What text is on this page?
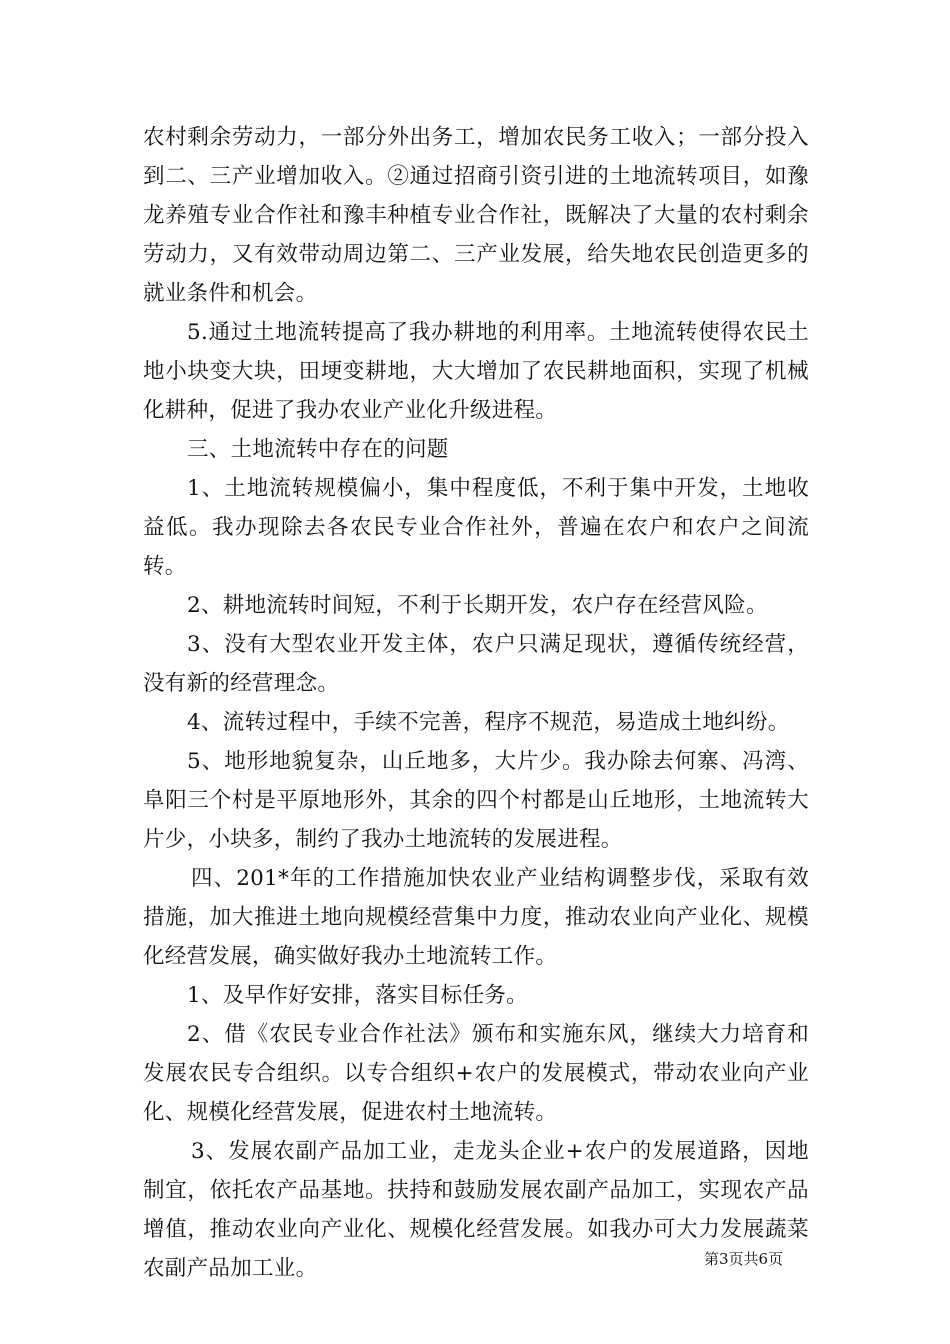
农村剩余劳动力，一部分外出务工，增加农民务工收入；一部分投入到二、三产业增加收入。②通过招商引资引进的土地流转项目，如豫龙养殖专业合作社和豫丰种植专业合作社，既解决了大量的农村剩余劳动力，又有效带动周边第二、三产业发展，给失地农民创造更多的就业条件和机会。

5.通过土地流转提高了我办耕地的利用率。土地流转使得农民土地小块变大块，田埂变耕地，大大增加了农民耕地面积，实现了机械化耕种，促进了我办农业产业化升级进程。

三、土地流转中存在的问题

1、土地流转规模偏小，集中程度低，不利于集中开发，土地收益低。我办现除去各农民专业合作社外，普遍在农户和农户之间流转。

2、耕地流转时间短，不利于长期开发，农户存在经营风险。

3、没有大型农业开发主体，农户只满足现状，遵循传统经营，没有新的经营理念。

4、流转过程中，手续不完善，程序不规范，易造成土地纠纷。

5、地形地貌复杂，山丘地多，大片少。我办除去何寨、冯湾、阜阳三个村是平原地形外，其余的四个村都是山丘地形，土地流转大片少，小块多，制约了我办土地流转的发展进程。

四、201*年的工作措施加快农业产业结构调整步伐，采取有效措施，加大推进土地向规模经营集中力度，推动农业向产业化、规模化经营发展，确实做好我办土地流转工作。

1、及早作好安排，落实目标任务。

2、借《农民专业合作社法》颁布和实施东风，继续大力培育和发展农民专合组织。以专合组织+农户的发展模式，带动农业向产业化、规模化经营发展，促进农村土地流转。

3、发展农副产品加工业，走龙头企业+农户的发展道路，因地制宜，依托农产品基地。扶持和鼓励发展农副产品加工，实现农产品增值，推动农业向产业化、规模化经营发展。如我办可大力发展蔬菜农副产品加工业。	第3页共6页
